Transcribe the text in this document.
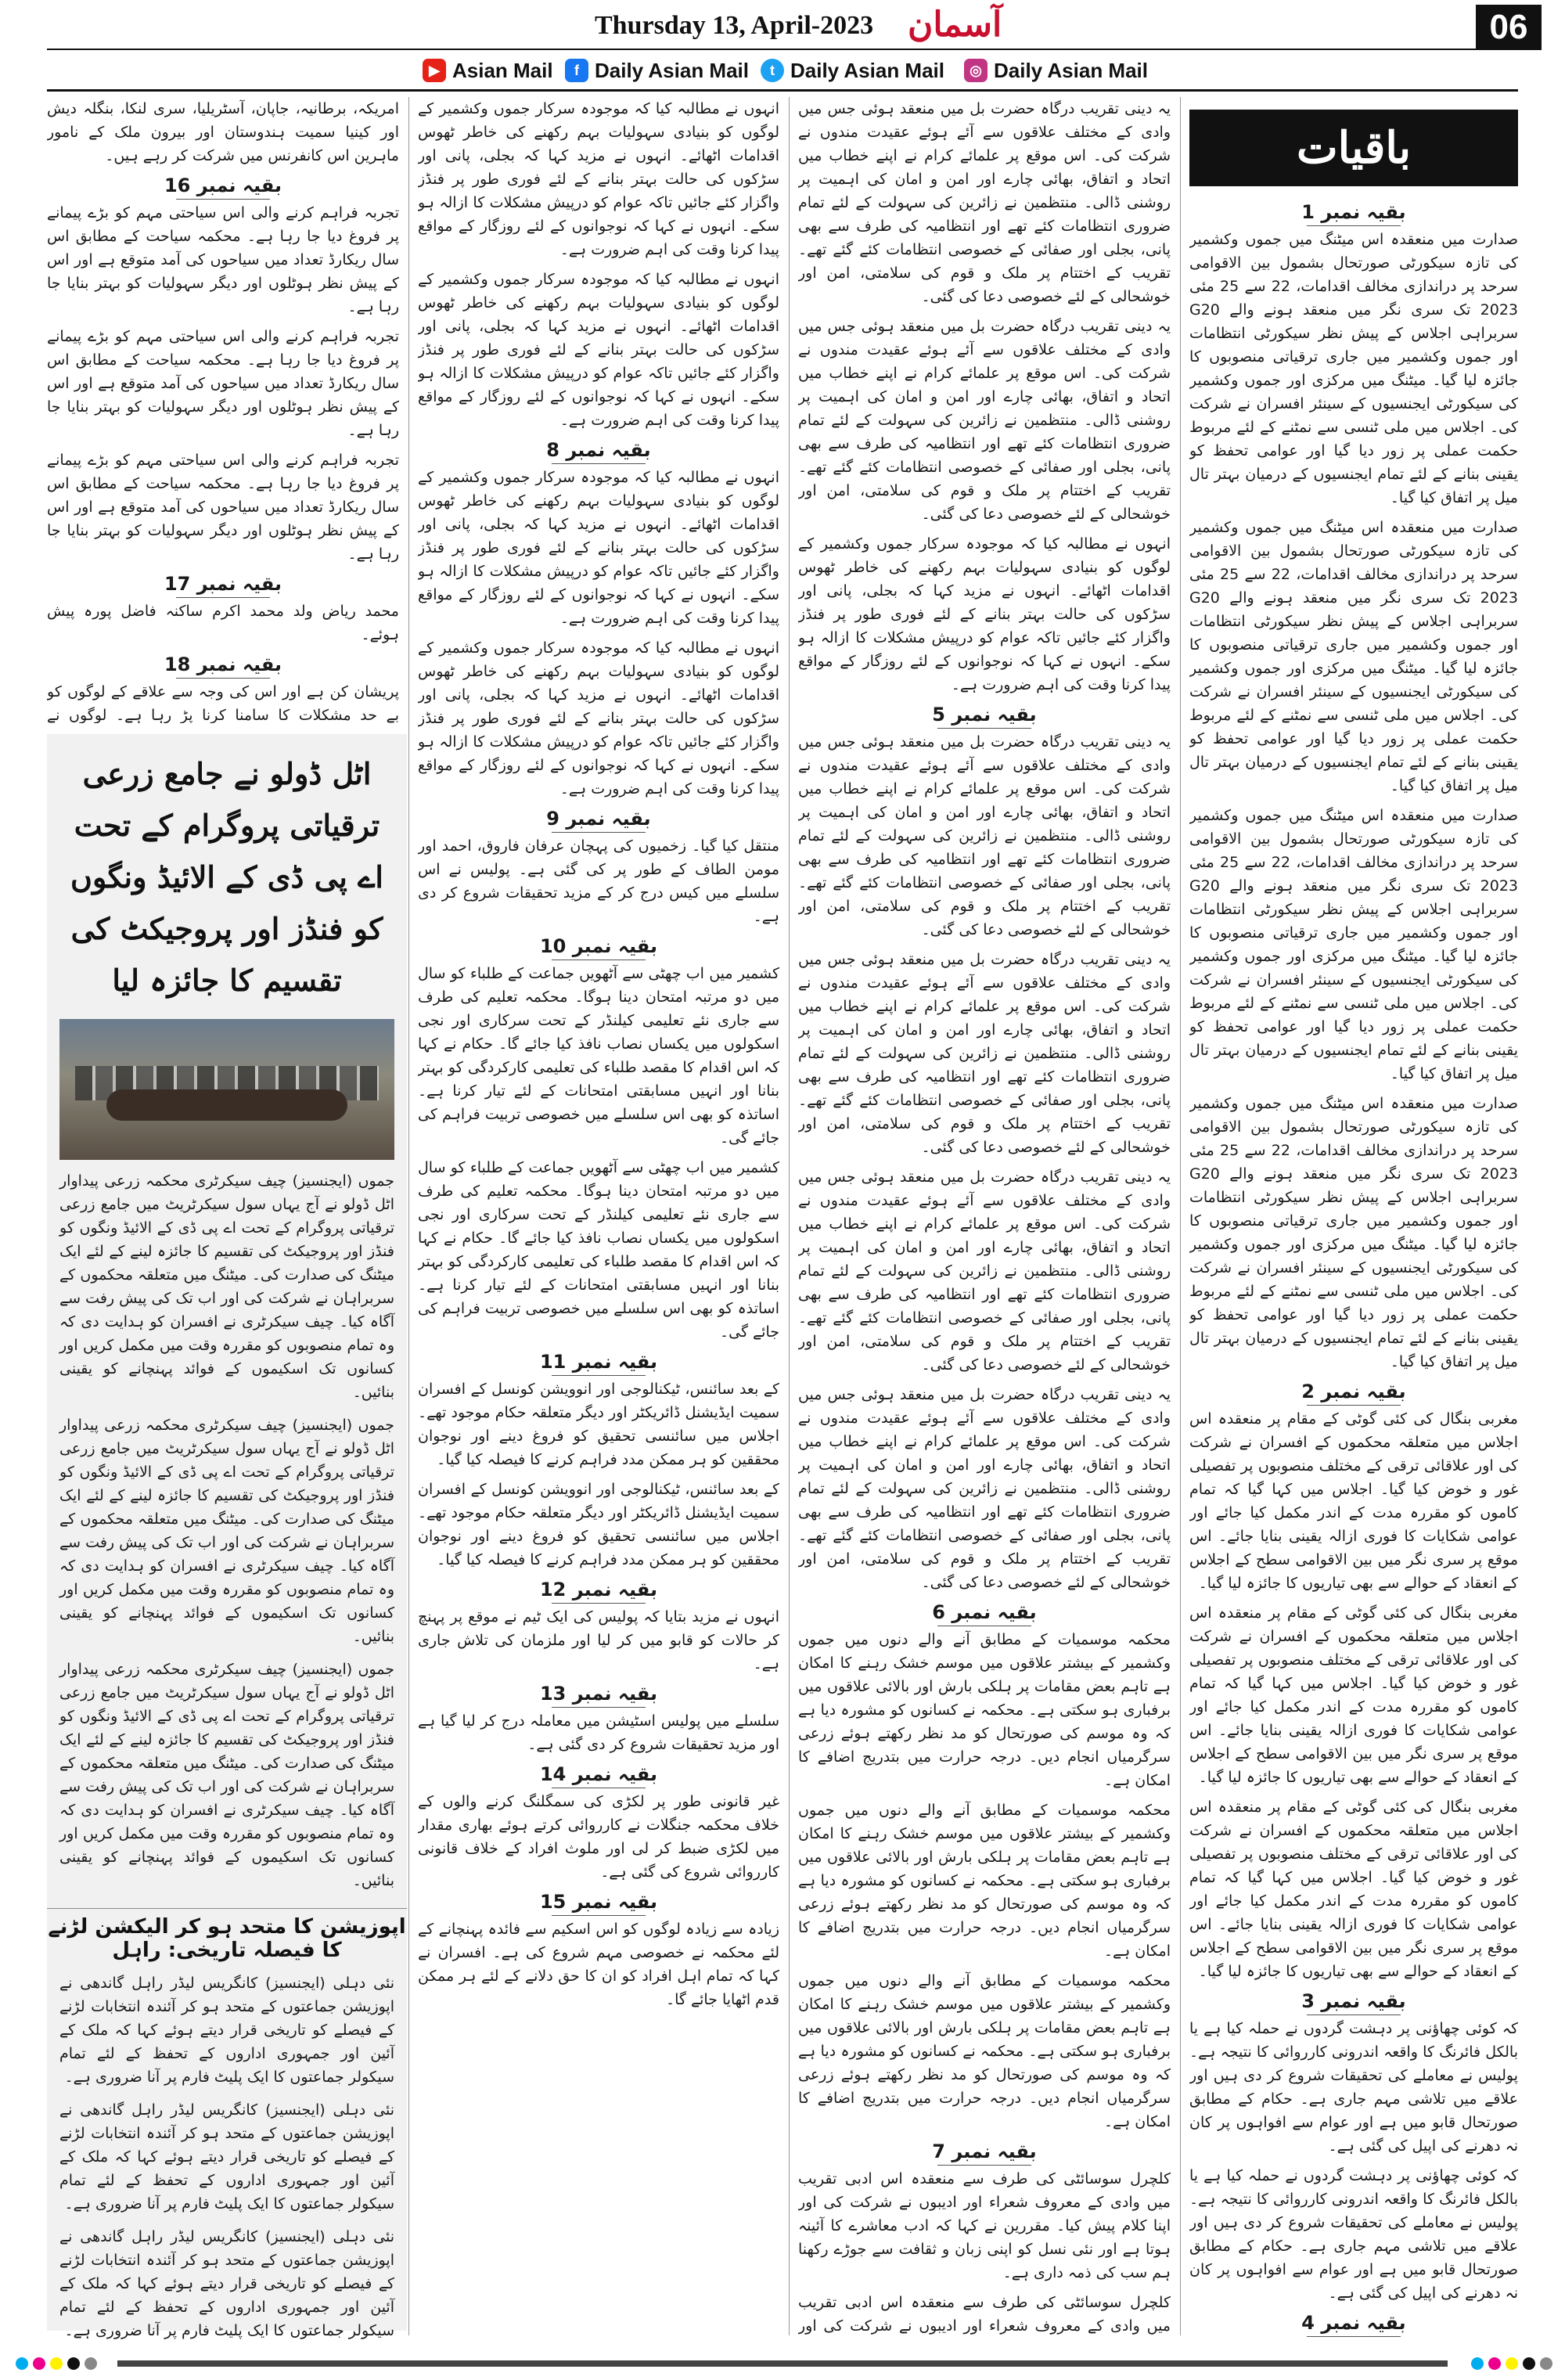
06
آسمان
Thursday 13, April-2023
▶ Asian Mail	f Daily Asian Mail	t Daily Asian Mail	◎ Daily Asian Mail
باقیات
بقیہ نمبر 1

صدارت میں منعقدہ اس میٹنگ میں جموں وکشمیر کی تازہ سیکورٹی صورتحال بشمول بین الاقوامی سرحد پر دراندازی مخالف اقدامات، 22 سے 25 مئی 2023 تک سری نگر میں منعقد ہونے والے G20 سربراہی اجلاس کے پیش نظر سیکورٹی انتظامات اور جموں وکشمیر میں جاری ترقیاتی منصوبوں کا جائزہ لیا گیا۔ میٹنگ میں مرکزی اور جموں وکشمیر کی سیکورٹی ایجنسیوں کے سینئر افسران نے شرکت کی۔ اجلاس میں ملی ٹنسی سے نمٹنے کے لئے مربوط حکمت عملی پر زور دیا گیا اور عوامی تحفظ کو یقینی بنانے کے لئے تمام ایجنسیوں کے درمیان بہتر تال میل پر اتفاق کیا گیا۔

صدارت میں منعقدہ اس میٹنگ میں جموں وکشمیر کی تازہ سیکورٹی صورتحال بشمول بین الاقوامی سرحد پر دراندازی مخالف اقدامات، 22 سے 25 مئی 2023 تک سری نگر میں منعقد ہونے والے G20 سربراہی اجلاس کے پیش نظر سیکورٹی انتظامات اور جموں وکشمیر میں جاری ترقیاتی منصوبوں کا جائزہ لیا گیا۔ میٹنگ میں مرکزی اور جموں وکشمیر کی سیکورٹی ایجنسیوں کے سینئر افسران نے شرکت کی۔ اجلاس میں ملی ٹنسی سے نمٹنے کے لئے مربوط حکمت عملی پر زور دیا گیا اور عوامی تحفظ کو یقینی بنانے کے لئے تمام ایجنسیوں کے درمیان بہتر تال میل پر اتفاق کیا گیا۔

صدارت میں منعقدہ اس میٹنگ میں جموں وکشمیر کی تازہ سیکورٹی صورتحال بشمول بین الاقوامی سرحد پر دراندازی مخالف اقدامات، 22 سے 25 مئی 2023 تک سری نگر میں منعقد ہونے والے G20 سربراہی اجلاس کے پیش نظر سیکورٹی انتظامات اور جموں وکشمیر میں جاری ترقیاتی منصوبوں کا جائزہ لیا گیا۔ میٹنگ میں مرکزی اور جموں وکشمیر کی سیکورٹی ایجنسیوں کے سینئر افسران نے شرکت کی۔ اجلاس میں ملی ٹنسی سے نمٹنے کے لئے مربوط حکمت عملی پر زور دیا گیا اور عوامی تحفظ کو یقینی بنانے کے لئے تمام ایجنسیوں کے درمیان بہتر تال میل پر اتفاق کیا گیا۔

صدارت میں منعقدہ اس میٹنگ میں جموں وکشمیر کی تازہ سیکورٹی صورتحال بشمول بین الاقوامی سرحد پر دراندازی مخالف اقدامات، 22 سے 25 مئی 2023 تک سری نگر میں منعقد ہونے والے G20 سربراہی اجلاس کے پیش نظر سیکورٹی انتظامات اور جموں وکشمیر میں جاری ترقیاتی منصوبوں کا جائزہ لیا گیا۔ میٹنگ میں مرکزی اور جموں وکشمیر کی سیکورٹی ایجنسیوں کے سینئر افسران نے شرکت کی۔ اجلاس میں ملی ٹنسی سے نمٹنے کے لئے مربوط حکمت عملی پر زور دیا گیا اور عوامی تحفظ کو یقینی بنانے کے لئے تمام ایجنسیوں کے درمیان بہتر تال میل پر اتفاق کیا گیا۔

بقیہ نمبر 2

مغربی بنگال کی کئی گوٹی کے مقام پر منعقدہ اس اجلاس میں متعلقہ محکموں کے افسران نے شرکت کی اور علاقائی ترقی کے مختلف منصوبوں پر تفصیلی غور و خوض کیا گیا۔ اجلاس میں کہا گیا کہ تمام کاموں کو مقررہ مدت کے اندر مکمل کیا جائے اور عوامی شکایات کا فوری ازالہ یقینی بنایا جائے۔ اس موقع پر سری نگر میں بین الاقوامی سطح کے اجلاس کے انعقاد کے حوالے سے بھی تیاریوں کا جائزہ لیا گیا۔

مغربی بنگال کی کئی گوٹی کے مقام پر منعقدہ اس اجلاس میں متعلقہ محکموں کے افسران نے شرکت کی اور علاقائی ترقی کے مختلف منصوبوں پر تفصیلی غور و خوض کیا گیا۔ اجلاس میں کہا گیا کہ تمام کاموں کو مقررہ مدت کے اندر مکمل کیا جائے اور عوامی شکایات کا فوری ازالہ یقینی بنایا جائے۔ اس موقع پر سری نگر میں بین الاقوامی سطح کے اجلاس کے انعقاد کے حوالے سے بھی تیاریوں کا جائزہ لیا گیا۔

مغربی بنگال کی کئی گوٹی کے مقام پر منعقدہ اس اجلاس میں متعلقہ محکموں کے افسران نے شرکت کی اور علاقائی ترقی کے مختلف منصوبوں پر تفصیلی غور و خوض کیا گیا۔ اجلاس میں کہا گیا کہ تمام کاموں کو مقررہ مدت کے اندر مکمل کیا جائے اور عوامی شکایات کا فوری ازالہ یقینی بنایا جائے۔ اس موقع پر سری نگر میں بین الاقوامی سطح کے اجلاس کے انعقاد کے حوالے سے بھی تیاریوں کا جائزہ لیا گیا۔

بقیہ نمبر 3

کہ کوئی چھاؤنی پر دہشت گردوں نے حملہ کیا ہے یا بالکل فائرنگ کا واقعہ اندرونی کارروائی کا نتیجہ ہے۔ پولیس نے معاملے کی تحقیقات شروع کر دی ہیں اور علاقے میں تلاشی مہم جاری ہے۔ حکام کے مطابق صورتحال قابو میں ہے اور عوام سے افواہوں پر کان نہ دھرنے کی اپیل کی گئی ہے۔

کہ کوئی چھاؤنی پر دہشت گردوں نے حملہ کیا ہے یا بالکل فائرنگ کا واقعہ اندرونی کارروائی کا نتیجہ ہے۔ پولیس نے معاملے کی تحقیقات شروع کر دی ہیں اور علاقے میں تلاشی مہم جاری ہے۔ حکام کے مطابق صورتحال قابو میں ہے اور عوام سے افواہوں پر کان نہ دھرنے کی اپیل کی گئی ہے۔

بقیہ نمبر 4

یہ دینی تقریب درگاہ حضرت بل میں منعقد ہوئی جس میں وادی کے مختلف علاقوں سے آئے ہوئے عقیدت مندوں نے شرکت کی۔ اس موقع پر علمائے کرام نے اپنے خطاب میں اتحاد و اتفاق، بھائی چارے اور امن و امان کی اہمیت پر روشنی ڈالی۔ منتظمین نے زائرین کی سہولت کے لئے تمام ضروری انتظامات کئے تھے اور انتظامیہ کی طرف سے بھی پانی، بجلی اور صفائی کے خصوصی انتظامات کئے گئے تھے۔ تقریب کے اختتام پر ملک و قوم کی سلامتی، امن اور خوشحالی کے لئے خصوصی دعا کی گئی۔

یہ دینی تقریب درگاہ حضرت بل میں منعقد ہوئی جس میں وادی کے مختلف علاقوں سے آئے ہوئے عقیدت مندوں نے شرکت کی۔ اس موقع پر علمائے کرام نے اپنے خطاب میں اتحاد و اتفاق، بھائی چارے اور امن و امان کی اہمیت پر روشنی ڈالی۔ منتظمین نے زائرین کی سہولت کے لئے تمام ضروری انتظامات کئے تھے اور انتظامیہ کی طرف سے بھی پانی، بجلی اور صفائی کے خصوصی انتظامات کئے گئے تھے۔ تقریب کے اختتام پر ملک و قوم کی سلامتی، امن اور خوشحالی کے لئے خصوصی دعا کی گئی۔

انہوں نے مطالبہ کیا کہ موجودہ سرکار جموں وکشمیر کے لوگوں کو بنیادی سہولیات بہم رکھنے کی خاطر ٹھوس اقدامات اٹھائے۔ انہوں نے مزید کہا کہ بجلی، پانی اور سڑکوں کی حالت بہتر بنانے کے لئے فوری طور پر فنڈز واگزار کئے جائیں تاکہ عوام کو درپیش مشکلات کا ازالہ ہو سکے۔ انہوں نے کہا کہ نوجوانوں کے لئے روزگار کے مواقع پیدا کرنا وقت کی اہم ضرورت ہے۔

بقیہ نمبر 5

یہ دینی تقریب درگاہ حضرت بل میں منعقد ہوئی جس میں وادی کے مختلف علاقوں سے آئے ہوئے عقیدت مندوں نے شرکت کی۔ اس موقع پر علمائے کرام نے اپنے خطاب میں اتحاد و اتفاق، بھائی چارے اور امن و امان کی اہمیت پر روشنی ڈالی۔ منتظمین نے زائرین کی سہولت کے لئے تمام ضروری انتظامات کئے تھے اور انتظامیہ کی طرف سے بھی پانی، بجلی اور صفائی کے خصوصی انتظامات کئے گئے تھے۔ تقریب کے اختتام پر ملک و قوم کی سلامتی، امن اور خوشحالی کے لئے خصوصی دعا کی گئی۔

یہ دینی تقریب درگاہ حضرت بل میں منعقد ہوئی جس میں وادی کے مختلف علاقوں سے آئے ہوئے عقیدت مندوں نے شرکت کی۔ اس موقع پر علمائے کرام نے اپنے خطاب میں اتحاد و اتفاق، بھائی چارے اور امن و امان کی اہمیت پر روشنی ڈالی۔ منتظمین نے زائرین کی سہولت کے لئے تمام ضروری انتظامات کئے تھے اور انتظامیہ کی طرف سے بھی پانی، بجلی اور صفائی کے خصوصی انتظامات کئے گئے تھے۔ تقریب کے اختتام پر ملک و قوم کی سلامتی، امن اور خوشحالی کے لئے خصوصی دعا کی گئی۔

یہ دینی تقریب درگاہ حضرت بل میں منعقد ہوئی جس میں وادی کے مختلف علاقوں سے آئے ہوئے عقیدت مندوں نے شرکت کی۔ اس موقع پر علمائے کرام نے اپنے خطاب میں اتحاد و اتفاق، بھائی چارے اور امن و امان کی اہمیت پر روشنی ڈالی۔ منتظمین نے زائرین کی سہولت کے لئے تمام ضروری انتظامات کئے تھے اور انتظامیہ کی طرف سے بھی پانی، بجلی اور صفائی کے خصوصی انتظامات کئے گئے تھے۔ تقریب کے اختتام پر ملک و قوم کی سلامتی، امن اور خوشحالی کے لئے خصوصی دعا کی گئی۔

یہ دینی تقریب درگاہ حضرت بل میں منعقد ہوئی جس میں وادی کے مختلف علاقوں سے آئے ہوئے عقیدت مندوں نے شرکت کی۔ اس موقع پر علمائے کرام نے اپنے خطاب میں اتحاد و اتفاق، بھائی چارے اور امن و امان کی اہمیت پر روشنی ڈالی۔ منتظمین نے زائرین کی سہولت کے لئے تمام ضروری انتظامات کئے تھے اور انتظامیہ کی طرف سے بھی پانی، بجلی اور صفائی کے خصوصی انتظامات کئے گئے تھے۔ تقریب کے اختتام پر ملک و قوم کی سلامتی، امن اور خوشحالی کے لئے خصوصی دعا کی گئی۔

بقیہ نمبر 6

محکمہ موسمیات کے مطابق آنے والے دنوں میں جموں وکشمیر کے بیشتر علاقوں میں موسم خشک رہنے کا امکان ہے تاہم بعض مقامات پر ہلکی بارش اور بالائی علاقوں میں برفباری ہو سکتی ہے۔ محکمہ نے کسانوں کو مشورہ دیا ہے کہ وہ موسم کی صورتحال کو مد نظر رکھتے ہوئے زرعی سرگرمیاں انجام دیں۔ درجہ حرارت میں بتدریج اضافے کا امکان ہے۔

محکمہ موسمیات کے مطابق آنے والے دنوں میں جموں وکشمیر کے بیشتر علاقوں میں موسم خشک رہنے کا امکان ہے تاہم بعض مقامات پر ہلکی بارش اور بالائی علاقوں میں برفباری ہو سکتی ہے۔ محکمہ نے کسانوں کو مشورہ دیا ہے کہ وہ موسم کی صورتحال کو مد نظر رکھتے ہوئے زرعی سرگرمیاں انجام دیں۔ درجہ حرارت میں بتدریج اضافے کا امکان ہے۔

محکمہ موسمیات کے مطابق آنے والے دنوں میں جموں وکشمیر کے بیشتر علاقوں میں موسم خشک رہنے کا امکان ہے تاہم بعض مقامات پر ہلکی بارش اور بالائی علاقوں میں برفباری ہو سکتی ہے۔ محکمہ نے کسانوں کو مشورہ دیا ہے کہ وہ موسم کی صورتحال کو مد نظر رکھتے ہوئے زرعی سرگرمیاں انجام دیں۔ درجہ حرارت میں بتدریج اضافے کا امکان ہے۔

بقیہ نمبر 7

کلچرل سوسائٹی کی طرف سے منعقدہ اس ادبی تقریب میں وادی کے معروف شعراء اور ادیبوں نے شرکت کی اور اپنا کلام پیش کیا۔ مقررین نے کہا کہ ادب معاشرے کا آئینہ ہوتا ہے اور نئی نسل کو اپنی زبان و ثقافت سے جوڑے رکھنا ہم سب کی ذمہ داری ہے۔

کلچرل سوسائٹی کی طرف سے منعقدہ اس ادبی تقریب میں وادی کے معروف شعراء اور ادیبوں نے شرکت کی اور

انہوں نے مطالبہ کیا کہ موجودہ سرکار جموں وکشمیر کے لوگوں کو بنیادی سہولیات بہم رکھنے کی خاطر ٹھوس اقدامات اٹھائے۔ انہوں نے مزید کہا کہ بجلی، پانی اور سڑکوں کی حالت بہتر بنانے کے لئے فوری طور پر فنڈز واگزار کئے جائیں تاکہ عوام کو درپیش مشکلات کا ازالہ ہو سکے۔ انہوں نے کہا کہ نوجوانوں کے لئے روزگار کے مواقع پیدا کرنا وقت کی اہم ضرورت ہے۔

انہوں نے مطالبہ کیا کہ موجودہ سرکار جموں وکشمیر کے لوگوں کو بنیادی سہولیات بہم رکھنے کی خاطر ٹھوس اقدامات اٹھائے۔ انہوں نے مزید کہا کہ بجلی، پانی اور سڑکوں کی حالت بہتر بنانے کے لئے فوری طور پر فنڈز واگزار کئے جائیں تاکہ عوام کو درپیش مشکلات کا ازالہ ہو سکے۔ انہوں نے کہا کہ نوجوانوں کے لئے روزگار کے مواقع پیدا کرنا وقت کی اہم ضرورت ہے۔

بقیہ نمبر 8

انہوں نے مطالبہ کیا کہ موجودہ سرکار جموں وکشمیر کے لوگوں کو بنیادی سہولیات بہم رکھنے کی خاطر ٹھوس اقدامات اٹھائے۔ انہوں نے مزید کہا کہ بجلی، پانی اور سڑکوں کی حالت بہتر بنانے کے لئے فوری طور پر فنڈز واگزار کئے جائیں تاکہ عوام کو درپیش مشکلات کا ازالہ ہو سکے۔ انہوں نے کہا کہ نوجوانوں کے لئے روزگار کے مواقع پیدا کرنا وقت کی اہم ضرورت ہے۔

انہوں نے مطالبہ کیا کہ موجودہ سرکار جموں وکشمیر کے لوگوں کو بنیادی سہولیات بہم رکھنے کی خاطر ٹھوس اقدامات اٹھائے۔ انہوں نے مزید کہا کہ بجلی، پانی اور سڑکوں کی حالت بہتر بنانے کے لئے فوری طور پر فنڈز واگزار کئے جائیں تاکہ عوام کو درپیش مشکلات کا ازالہ ہو سکے۔ انہوں نے کہا کہ نوجوانوں کے لئے روزگار کے مواقع پیدا کرنا وقت کی اہم ضرورت ہے۔

بقیہ نمبر 9

منتقل کیا گیا۔ زخمیوں کی پہچان عرفان فاروق، احمد اور مومن الطاف کے طور پر کی گئی ہے۔ پولیس نے اس سلسلے میں کیس درج کر کے مزید تحقیقات شروع کر دی ہے۔

بقیہ نمبر 10

کشمیر میں اب چھٹی سے آٹھویں جماعت کے طلباء کو سال میں دو مرتبہ امتحان دینا ہوگا۔ محکمہ تعلیم کی طرف سے جاری نئے تعلیمی کیلنڈر کے تحت سرکاری اور نجی اسکولوں میں یکساں نصاب نافذ کیا جائے گا۔ حکام نے کہا کہ اس اقدام کا مقصد طلباء کی تعلیمی کارکردگی کو بہتر بنانا اور انہیں مسابقتی امتحانات کے لئے تیار کرنا ہے۔ اساتذہ کو بھی اس سلسلے میں خصوصی تربیت فراہم کی جائے گی۔

کشمیر میں اب چھٹی سے آٹھویں جماعت کے طلباء کو سال میں دو مرتبہ امتحان دینا ہوگا۔ محکمہ تعلیم کی طرف سے جاری نئے تعلیمی کیلنڈر کے تحت سرکاری اور نجی اسکولوں میں یکساں نصاب نافذ کیا جائے گا۔ حکام نے کہا کہ اس اقدام کا مقصد طلباء کی تعلیمی کارکردگی کو بہتر بنانا اور انہیں مسابقتی امتحانات کے لئے تیار کرنا ہے۔ اساتذہ کو بھی اس سلسلے میں خصوصی تربیت فراہم کی جائے گی۔

بقیہ نمبر 11

کے بعد سائنس، ٹیکنالوجی اور انوویشن کونسل کے افسران سمیت ایڈیشنل ڈائریکٹر اور دیگر متعلقہ حکام موجود تھے۔ اجلاس میں سائنسی تحقیق کو فروغ دینے اور نوجوان محققین کو ہر ممکن مدد فراہم کرنے کا فیصلہ کیا گیا۔

کے بعد سائنس، ٹیکنالوجی اور انوویشن کونسل کے افسران سمیت ایڈیشنل ڈائریکٹر اور دیگر متعلقہ حکام موجود تھے۔ اجلاس میں سائنسی تحقیق کو فروغ دینے اور نوجوان محققین کو ہر ممکن مدد فراہم کرنے کا فیصلہ کیا گیا۔

بقیہ نمبر 12

انہوں نے مزید بتایا کہ پولیس کی ایک ٹیم نے موقع پر پہنچ کر حالات کو قابو میں کر لیا اور ملزمان کی تلاش جاری ہے۔

بقیہ نمبر 13

سلسلے میں پولیس اسٹیشن میں معاملہ درج کر لیا گیا ہے اور مزید تحقیقات شروع کر دی گئی ہے۔

بقیہ نمبر 14

غیر قانونی طور پر لکڑی کی سمگلنگ کرنے والوں کے خلاف محکمہ جنگلات نے کارروائی کرتے ہوئے بھاری مقدار میں لکڑی ضبط کر لی اور ملوث افراد کے خلاف قانونی کارروائی شروع کی گئی ہے۔

بقیہ نمبر 15

زیادہ سے زیادہ لوگوں کو اس اسکیم سے فائدہ پہنچانے کے لئے محکمہ نے خصوصی مہم شروع کی ہے۔ افسران نے کہا کہ تمام اہل افراد کو ان کا حق دلانے کے لئے ہر ممکن قدم اٹھایا جائے گا۔

امریکہ، برطانیہ، جاپان، آسٹریلیا، سری لنکا، بنگلہ دیش اور کینیا سمیت ہندوستان اور بیرون ملک کے نامور ماہرین اس کانفرنس میں شرکت کر رہے ہیں۔

بقیہ نمبر 16

تجربہ فراہم کرنے والی اس سیاحتی مہم کو بڑے پیمانے پر فروغ دیا جا رہا ہے۔ محکمہ سیاحت کے مطابق اس سال ریکارڈ تعداد میں سیاحوں کی آمد متوقع ہے اور اس کے پیش نظر ہوٹلوں اور دیگر سہولیات کو بہتر بنایا جا رہا ہے۔

تجربہ فراہم کرنے والی اس سیاحتی مہم کو بڑے پیمانے پر فروغ دیا جا رہا ہے۔ محکمہ سیاحت کے مطابق اس سال ریکارڈ تعداد میں سیاحوں کی آمد متوقع ہے اور اس کے پیش نظر ہوٹلوں اور دیگر سہولیات کو بہتر بنایا جا رہا ہے۔

تجربہ فراہم کرنے والی اس سیاحتی مہم کو بڑے پیمانے پر فروغ دیا جا رہا ہے۔ محکمہ سیاحت کے مطابق اس سال ریکارڈ تعداد میں سیاحوں کی آمد متوقع ہے اور اس کے پیش نظر ہوٹلوں اور دیگر سہولیات کو بہتر بنایا جا رہا ہے۔

بقیہ نمبر 17

محمد ریاض ولد محمد اکرم ساکنہ فاضل پورہ پیش ہوئے۔

بقیہ نمبر 18

پریشان کن ہے اور اس کی وجہ سے علاقے کے لوگوں کو بے حد مشکلات کا سامنا کرنا پڑ رہا ہے۔ لوگوں نے

اٹل ڈولو نے جامع زرعی ترقیاتی پروگرام کے تحت اے پی ڈی کے الائیڈ ونگوں کو فنڈز اور پروجیکٹ کی تقسیم کا جائزہ لیا
جموں (ایجنسیز) چیف سیکرٹری محکمہ زرعی پیداوار اٹل ڈولو نے آج یہاں سول سیکرٹریٹ میں جامع زرعی ترقیاتی پروگرام کے تحت اے پی ڈی کے الائیڈ ونگوں کو فنڈز اور پروجیکٹ کی تقسیم کا جائزہ لینے کے لئے ایک میٹنگ کی صدارت کی۔ میٹنگ میں متعلقہ محکموں کے سربراہان نے شرکت کی اور اب تک کی پیش رفت سے آگاہ کیا۔ چیف سیکرٹری نے افسران کو ہدایت دی کہ وہ تمام منصوبوں کو مقررہ وقت میں مکمل کریں اور کسانوں تک اسکیموں کے فوائد پہنچانے کو یقینی بنائیں۔
جموں (ایجنسیز) چیف سیکرٹری محکمہ زرعی پیداوار اٹل ڈولو نے آج یہاں سول سیکرٹریٹ میں جامع زرعی ترقیاتی پروگرام کے تحت اے پی ڈی کے الائیڈ ونگوں کو فنڈز اور پروجیکٹ کی تقسیم کا جائزہ لینے کے لئے ایک میٹنگ کی صدارت کی۔ میٹنگ میں متعلقہ محکموں کے سربراہان نے شرکت کی اور اب تک کی پیش رفت سے آگاہ کیا۔ چیف سیکرٹری نے افسران کو ہدایت دی کہ وہ تمام منصوبوں کو مقررہ وقت میں مکمل کریں اور کسانوں تک اسکیموں کے فوائد پہنچانے کو یقینی بنائیں۔
جموں (ایجنسیز) چیف سیکرٹری محکمہ زرعی پیداوار اٹل ڈولو نے آج یہاں سول سیکرٹریٹ میں جامع زرعی ترقیاتی پروگرام کے تحت اے پی ڈی کے الائیڈ ونگوں کو فنڈز اور پروجیکٹ کی تقسیم کا جائزہ لینے کے لئے ایک میٹنگ کی صدارت کی۔ میٹنگ میں متعلقہ محکموں کے سربراہان نے شرکت کی اور اب تک کی پیش رفت سے آگاہ کیا۔ چیف سیکرٹری نے افسران کو ہدایت دی کہ وہ تمام منصوبوں کو مقررہ وقت میں مکمل کریں اور کسانوں تک اسکیموں کے فوائد پہنچانے کو یقینی بنائیں۔
اپوزیشن کا متحد ہو کر الیکشن لڑنے کا فیصلہ تاریخی: راہل
نئی دہلی (ایجنسیز) کانگریس لیڈر راہل گاندھی نے اپوزیشن جماعتوں کے متحد ہو کر آئندہ انتخابات لڑنے کے فیصلے کو تاریخی قرار دیتے ہوئے کہا کہ ملک کے آئین اور جمہوری اداروں کے تحفظ کے لئے تمام سیکولر جماعتوں کا ایک پلیٹ فارم پر آنا ضروری ہے۔
نئی دہلی (ایجنسیز) کانگریس لیڈر راہل گاندھی نے اپوزیشن جماعتوں کے متحد ہو کر آئندہ انتخابات لڑنے کے فیصلے کو تاریخی قرار دیتے ہوئے کہا کہ ملک کے آئین اور جمہوری اداروں کے تحفظ کے لئے تمام سیکولر جماعتوں کا ایک پلیٹ فارم پر آنا ضروری ہے۔
نئی دہلی (ایجنسیز) کانگریس لیڈر راہل گاندھی نے اپوزیشن جماعتوں کے متحد ہو کر آئندہ انتخابات لڑنے کے فیصلے کو تاریخی قرار دیتے ہوئے کہا کہ ملک کے آئین اور جمہوری اداروں کے تحفظ کے لئے تمام سیکولر جماعتوں کا ایک پلیٹ فارم پر آنا ضروری ہے۔
